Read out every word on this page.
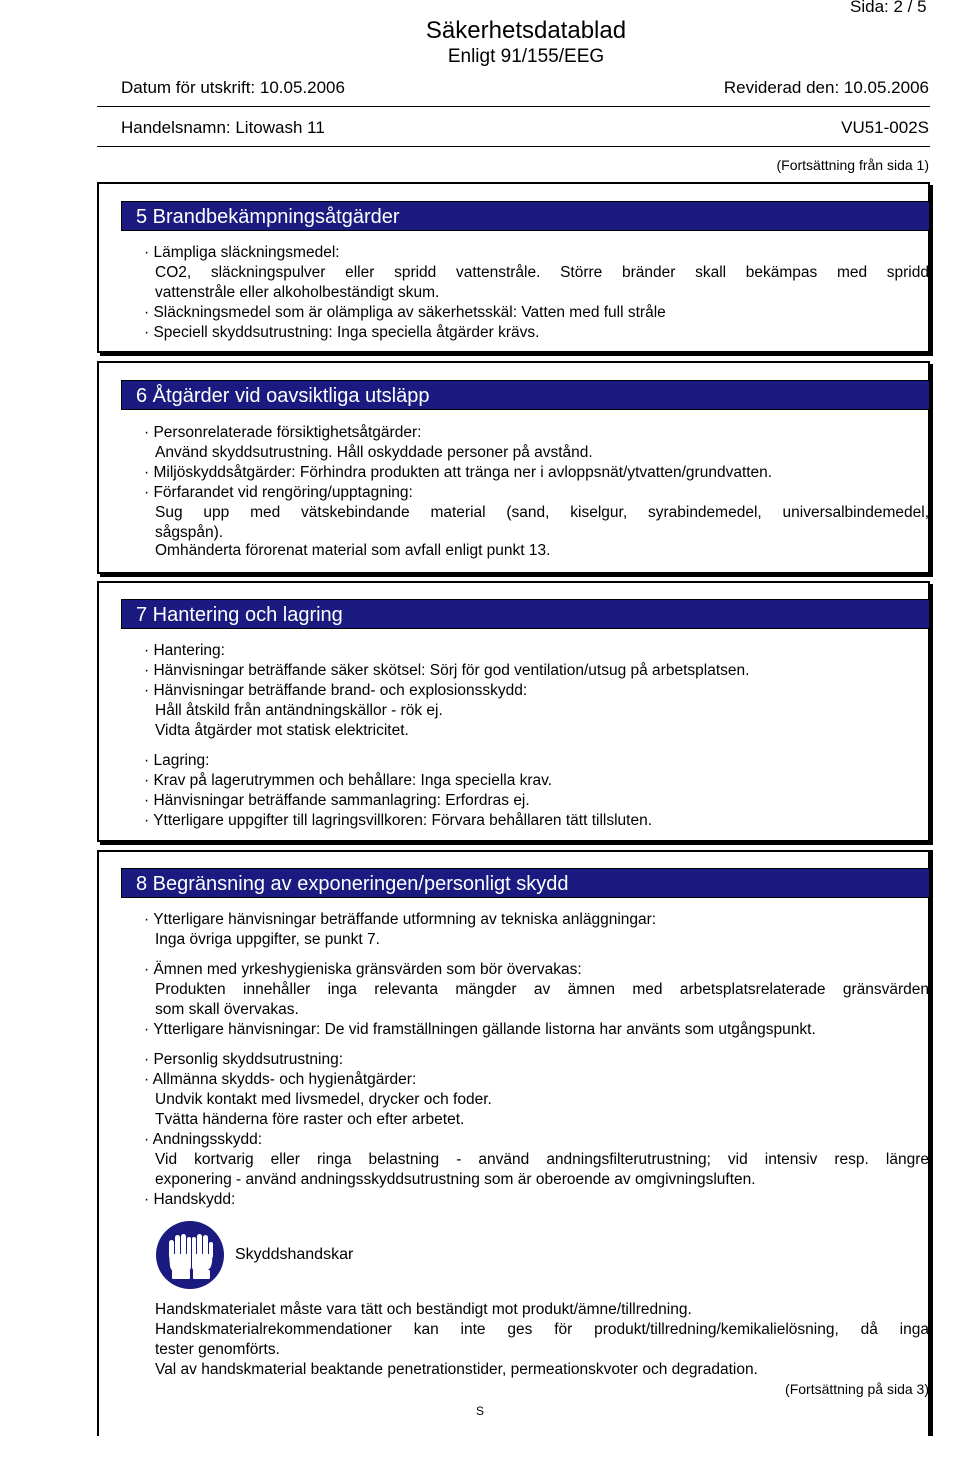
Sida: 2 / 5
Säkerhetsdatablad
Enligt 91/155/EEG
Datum för utskrift: 10.05.2006	Reviderad den: 10.05.2006
Handelsnamn: Litowash 11	VU51-002S
(Fortsättning från sida 1)
5 Brandbekämpningsåtgärder
· Lämpliga släckningsmedel:
CO2, släckningspulver eller spridd vattenstråle. Större bränder skall bekämpas med spridd
vattenstråle eller alkoholbeständigt skum.
· Släckningsmedel som är olämpliga av säkerhetsskäl: Vatten med full stråle
· Speciell skyddsutrustning: Inga speciella åtgärder krävs.
6 Åtgärder vid oavsiktliga utsläpp
· Personrelaterade försiktighetsåtgärder:
Använd skyddsutrustning. Håll oskyddade personer på avstånd.
· Miljöskyddsåtgärder: Förhindra produkten att tränga ner i avloppsnät/ytvatten/grundvatten.
· Förfarandet vid rengöring/upptagning:
Sug upp med vätskebindande material (sand, kiselgur, syrabindemedel, universalbindemedel,
sågspån).
Omhänderta förorenat material som avfall enligt punkt 13.
7 Hantering och lagring
· Hantering:
· Hänvisningar beträffande säker skötsel: Sörj för god ventilation/utsug på arbetsplatsen.
· Hänvisningar beträffande brand- och explosionsskydd:
Håll åtskild från antändningskällor - rök ej.
Vidta åtgärder mot statisk elektricitet.
· Lagring:
· Krav på lagerutrymmen och behållare: Inga speciella krav.
· Hänvisningar beträffande sammanlagring: Erfordras ej.
· Ytterligare uppgifter till lagringsvillkoren: Förvara behållaren tätt tillsluten.
8 Begränsning av exponeringen/personligt skydd
· Ytterligare hänvisningar beträffande utformning av tekniska anläggningar:
Inga övriga uppgifter, se punkt 7.
· Ämnen med yrkeshygieniska gränsvärden som bör övervakas:
Produkten innehåller inga relevanta mängder av ämnen med arbetsplatsrelaterade gränsvärden
som skall övervakas.
· Ytterligare hänvisningar: De vid framställningen gällande listorna har använts som utgångspunkt.
· Personlig skyddsutrustning:
· Allmänna skydds- och hygienåtgärder:
Undvik kontakt med livsmedel, drycker och foder.
Tvätta händerna före raster och efter arbetet.
· Andningsskydd:
Vid kortvarig eller ringa belastning - använd andningsfilterutrustning; vid intensiv resp. längre
exponering - använd andningsskyddsutrustning som är oberoende av omgivningsluften.
· Handskydd:
Skyddshandskar
Handskmaterialet måste vara tätt och beständigt mot produkt/ämne/tillredning.
Handskmaterialrekommendationer kan inte ges för produkt/tillredning/kemikalielösning, då inga
tester genomförts.
Val av handskmaterial beaktande penetrationstider, permeationskvoter och degradation.
(Fortsättning på sida 3)
S
